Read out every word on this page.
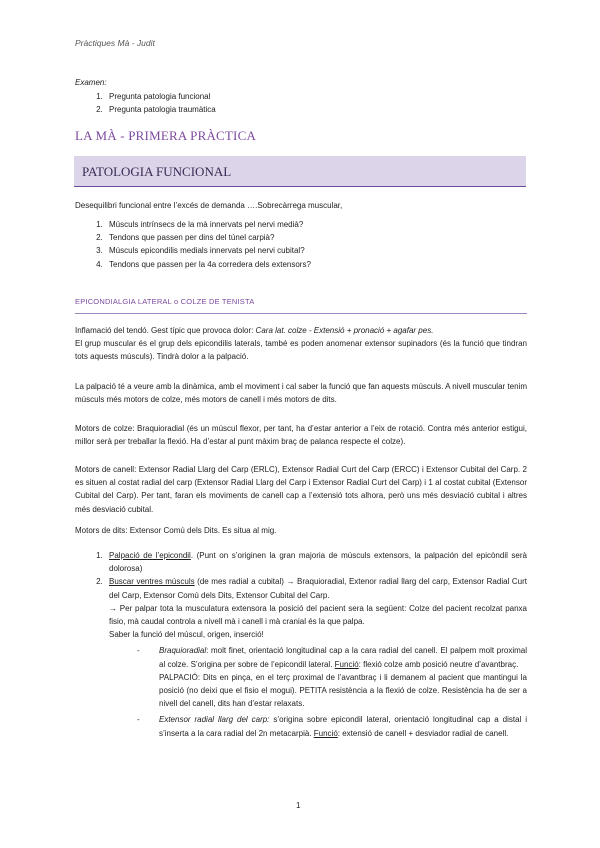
Pràctiques Mà - Judit
Examen:
1. Pregunta patologia funcional
2. Pregunta patologia traumàtica
LA MÀ - PRIMERA PRÀCTICA
PATOLOGIA FUNCIONAL
Desequilibri funcional entre l’excés de demanda ….Sobrecàrrega muscular,
1. Músculs intrínsecs de la mà innervats pel nervi medià?
2. Tendons que passen per dins del túnel carpià?
3. Músculs epicondilis medials innervats pel nervi cubital?
4. Tendons que passen per la 4a corredera dels extensors?
EPICONDIALGIA LATERAL o COLZE DE TENISTA
Inflamació del tendó. Gest típic que provoca dolor: Cara lat. colze - Extensió + pronació + agafar pes.
El grup muscular és el grup dels epicondilis laterals, també es poden anomenar extensor supinadors (és la funció que tindran tots aquests músculs). Tindrà dolor a la palpació.
La palpació té a veure amb la dinàmica, amb el moviment i cal saber la funció que fan aquests músculs. A nivell muscular tenim músculs més motors de colze, més motors de canell i més motors de dits.
Motors de colze: Braquioradial (és un múscul flexor, per tant, ha d’estar anterior a l’eix de rotació. Contra més anterior estigui, millor serà per treballar la flexió. Ha d’estar al punt màxim braç de palanca respecte el colze).
Motors de canell: Extensor Radial Llarg del Carp (ERLC), Extensor Radial Curt del Carp (ERCC) i Extensor Cubital del Carp. 2 es situen al costat radial del carp (Extensor Radial Llarg del Carp i Extensor Radial Curt del Carp) i 1 al costat cubital (Extensor Cubital del Carp). Per tant, faran els moviments de canell cap a l’extensió tots alhora, però uns més desviació cubital i altres més desviació cubital.
Motors de dits: Extensor Comú dels Dits. Es situa al mig.
1. Palpació de l’epicondil. (Punt on s’originen la gran majoria de músculs extensors, la palpación del epicòndil serà dolorosa)
2. Buscar ventres músculs (de mes radial a cubital) → Braquioradial, Extenor radial llarg del carp, Extensor Radial Curt del Carp, Extensor Comú dels Dits, Extensor Cubital del Carp.
→ Per palpar tota la musculatura extensora la posició del pacient sera la següent: Colze del pacient recolzat panxa fisio, mà caudal controla a nivell mà i canell i mà cranial és la que palpa.
Saber la funció del múscul, origen, inserció!
- Braquioradial: molt finet, orientació longitudinal cap a la cara radial del canell. El palpem molt proximal al colze. S’origina per sobre de l’epicondil lateral. Funció: flexió colze amb posició neutre d’avantbraç.
PALPACIÓ: Dits en pinça, en el terç proximal de l’avantbraç i li demanem al pacient que mantingui la posició (no deixi que el fisio el mogui). PETITA resistència a la flexió de colze. Resistència ha de ser a nivell del canell, dits han d’estar relaxats.
- Extensor radial llarg del carp: s’origina sobre epicondil lateral, orientació longitudinal cap a distal i s’inserta a la cara radial del 2n metacarpià. Funció: extensió de canell + desviador radial de canell.
1
